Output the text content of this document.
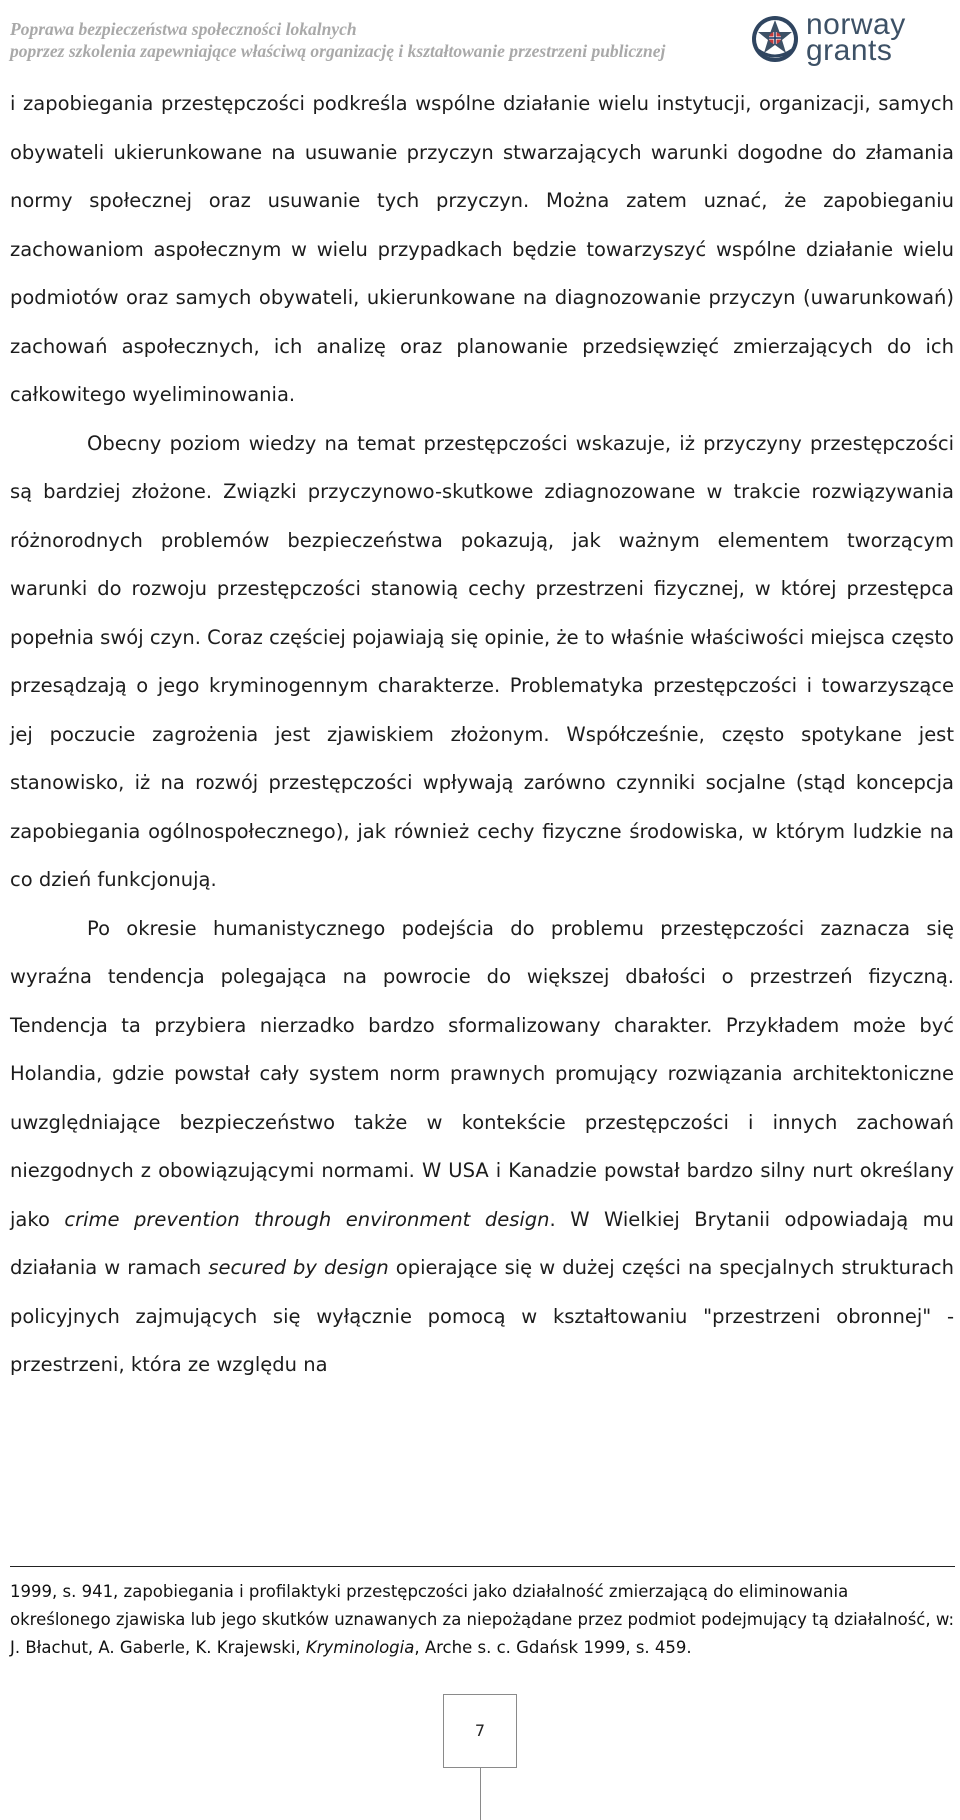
Poprawa bezpieczeństwa społeczności lokalnych
poprzez szkolenia zapewniające właściwą organizację i kształtowanie przestrzeni publicznej
norway
grants

i zapobiegania przestępczości podkreśla wspólne działanie wielu instytucji, organizacji, samych obywateli ukierunkowane na usuwanie przyczyn stwarzających warunki dogodne do złamania normy społecznej oraz usuwanie tych przyczyn. Można zatem uznać, że zapobieganiu zachowaniom aspołecznym w wielu przypadkach będzie towarzyszyć wspólne działanie wielu podmiotów oraz samych obywateli, ukierunkowane na diagnozowanie przyczyn (uwarunkowań) zachowań aspołecznych, ich analizę oraz planowanie przedsięwzięć zmierzających do ich całkowitego wyeliminowania.

Obecny poziom wiedzy na temat przestępczości wskazuje, iż przyczyny przestępczości są bardziej złożone. Związki przyczynowo-skutkowe zdiagnozowane w trakcie rozwiązywania różnorodnych problemów bezpieczeństwa pokazują, jak ważnym elementem tworzącym warunki do rozwoju przestępczości stanowią cechy przestrzeni fizycznej, w której przestępca popełnia swój czyn. Coraz częściej pojawiają się opinie, że to właśnie właściwości miejsca często przesądzają o jego kryminogennym charakterze. Problematyka przestępczości i towarzyszące jej poczucie zagrożenia jest zjawiskiem złożonym. Współcześnie, często spotykane jest stanowisko, iż na rozwój przestępczości wpływają zarówno czynniki socjalne (stąd koncepcja zapobiegania ogólnospołecznego), jak również cechy fizyczne środowiska, w którym ludzkie na co dzień funkcjonują.

Po okresie humanistycznego podejścia do problemu przestępczości zaznacza się wyraźna tendencja polegająca na powrocie do większej dbałości o przestrzeń fizyczną. Tendencja ta przybiera nierzadko bardzo sformalizowany charakter. Przykładem może być Holandia, gdzie powstał cały system norm prawnych promujący rozwiązania architektoniczne uwzględniające bezpieczeństwo także w kontekście przestępczości i innych zachowań niezgodnych z obowiązującymi normami. W USA i Kanadzie powstał bardzo silny nurt określany jako crime prevention through environment design. W Wielkiej Brytanii odpowiadają mu działania w ramach secured by design opierające się w dużej części na specjalnych strukturach policyjnych zajmujących się wyłącznie pomocą w kształtowaniu "przestrzeni obronnej" - przestrzeni, która ze względu na

1999, s. 941, zapobiegania i profilaktyki przestępczości jako działalność zmierzającą do eliminowania określonego zjawiska lub jego skutków uznawanych za niepożądane przez podmiot podejmujący tą działalność, w: J. Błachut, A. Gaberle, K. Krajewski, Kryminologia, Arche s. c. Gdańsk 1999, s. 459.

7
